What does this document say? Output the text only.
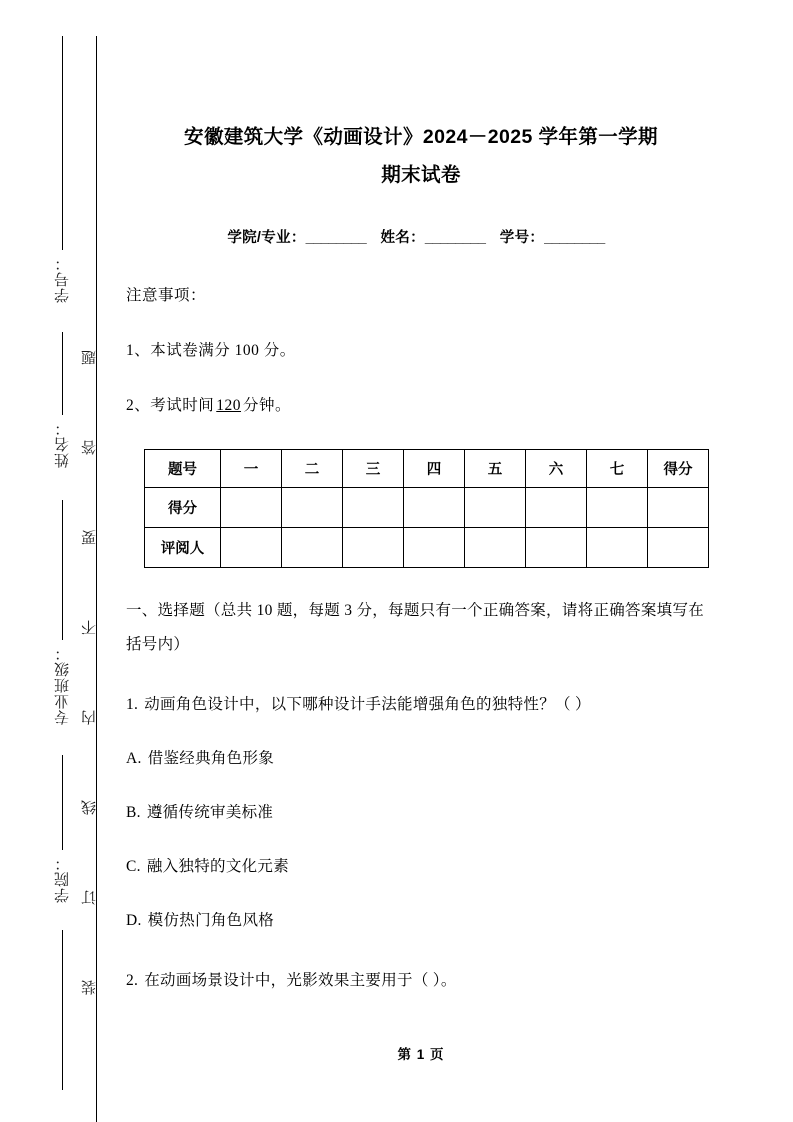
学号：
姓名：
专业班级：
学院：
题
答
要
不
内
线
订
装
安徽建筑大学《动画设计》2024－2025 学年第一学期
期末试卷
学院/专业：________ 姓名：________ 学号：________
注意事项：
1、本试卷满分 100 分。
2、考试时间 120 分钟。
题号	一	二	三	四	五	六	七	得分
得分								
评阅人								
一、选择题（总共 10 题，每题 3 分，每题只有一个正确答案，请将正确答案填写在括号内）
1. 动画角色设计中，以下哪种设计手法能增强角色的独特性？（ ）
A. 借鉴经典角色形象
B. 遵循传统审美标准
C. 融入独特的文化元素
D. 模仿热门角色风格
2. 在动画场景设计中，光影效果主要用于（ ）。
第 1 页
